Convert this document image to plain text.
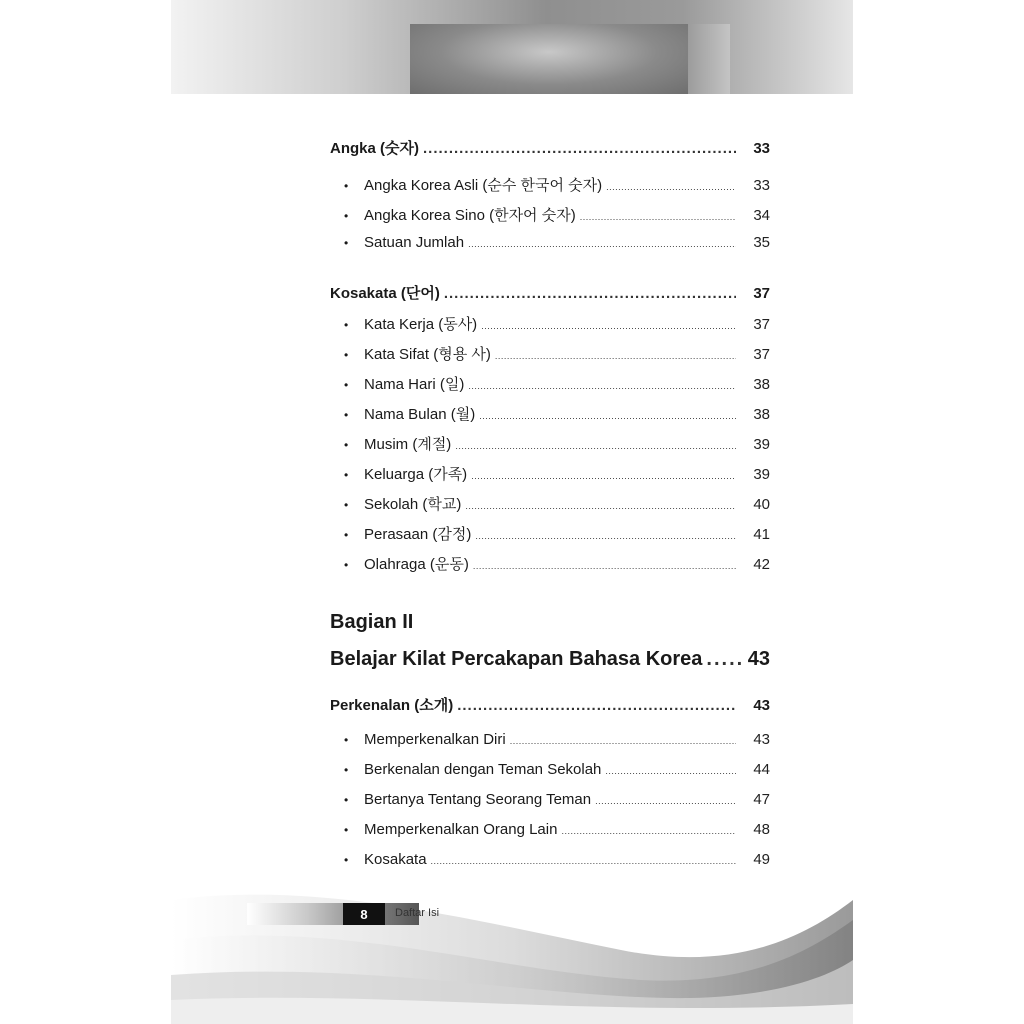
Angka (숫자) .....	33
•	Angka Korea Asli (순수 한국어 숫자) .....	33
•	Angka Korea Sino (한자어 숫자) .....	34
•	Satuan Jumlah .....	35
Kosakata (단어) .....	37
•	Kata Kerja (동사) .....	37
•	Kata Sifat (형용 사) .....	37
•	Nama Hari (일) .....	38
•	Nama Bulan (월) .....	38
•	Musim (계절) .....	39
•	Keluarga (가족) .....	39
•	Sekolah (학교) .....	40
•	Perasaan (감정) .....	41
•	Olahraga (운동) .....	42
Bagian II
Belajar Kilat Percakapan Bahasa Korea ..... 43
Perkenalan (소개) .....	43
•	Memperkenalkan Diri .....	43
•	Berkenalan dengan Teman Sekolah .....	44
•	Bertanya Tentang Seorang Teman .....	47
•	Memperkenalkan Orang Lain .....	48
•	Kosakata .....	49
8	Daftar Isi
